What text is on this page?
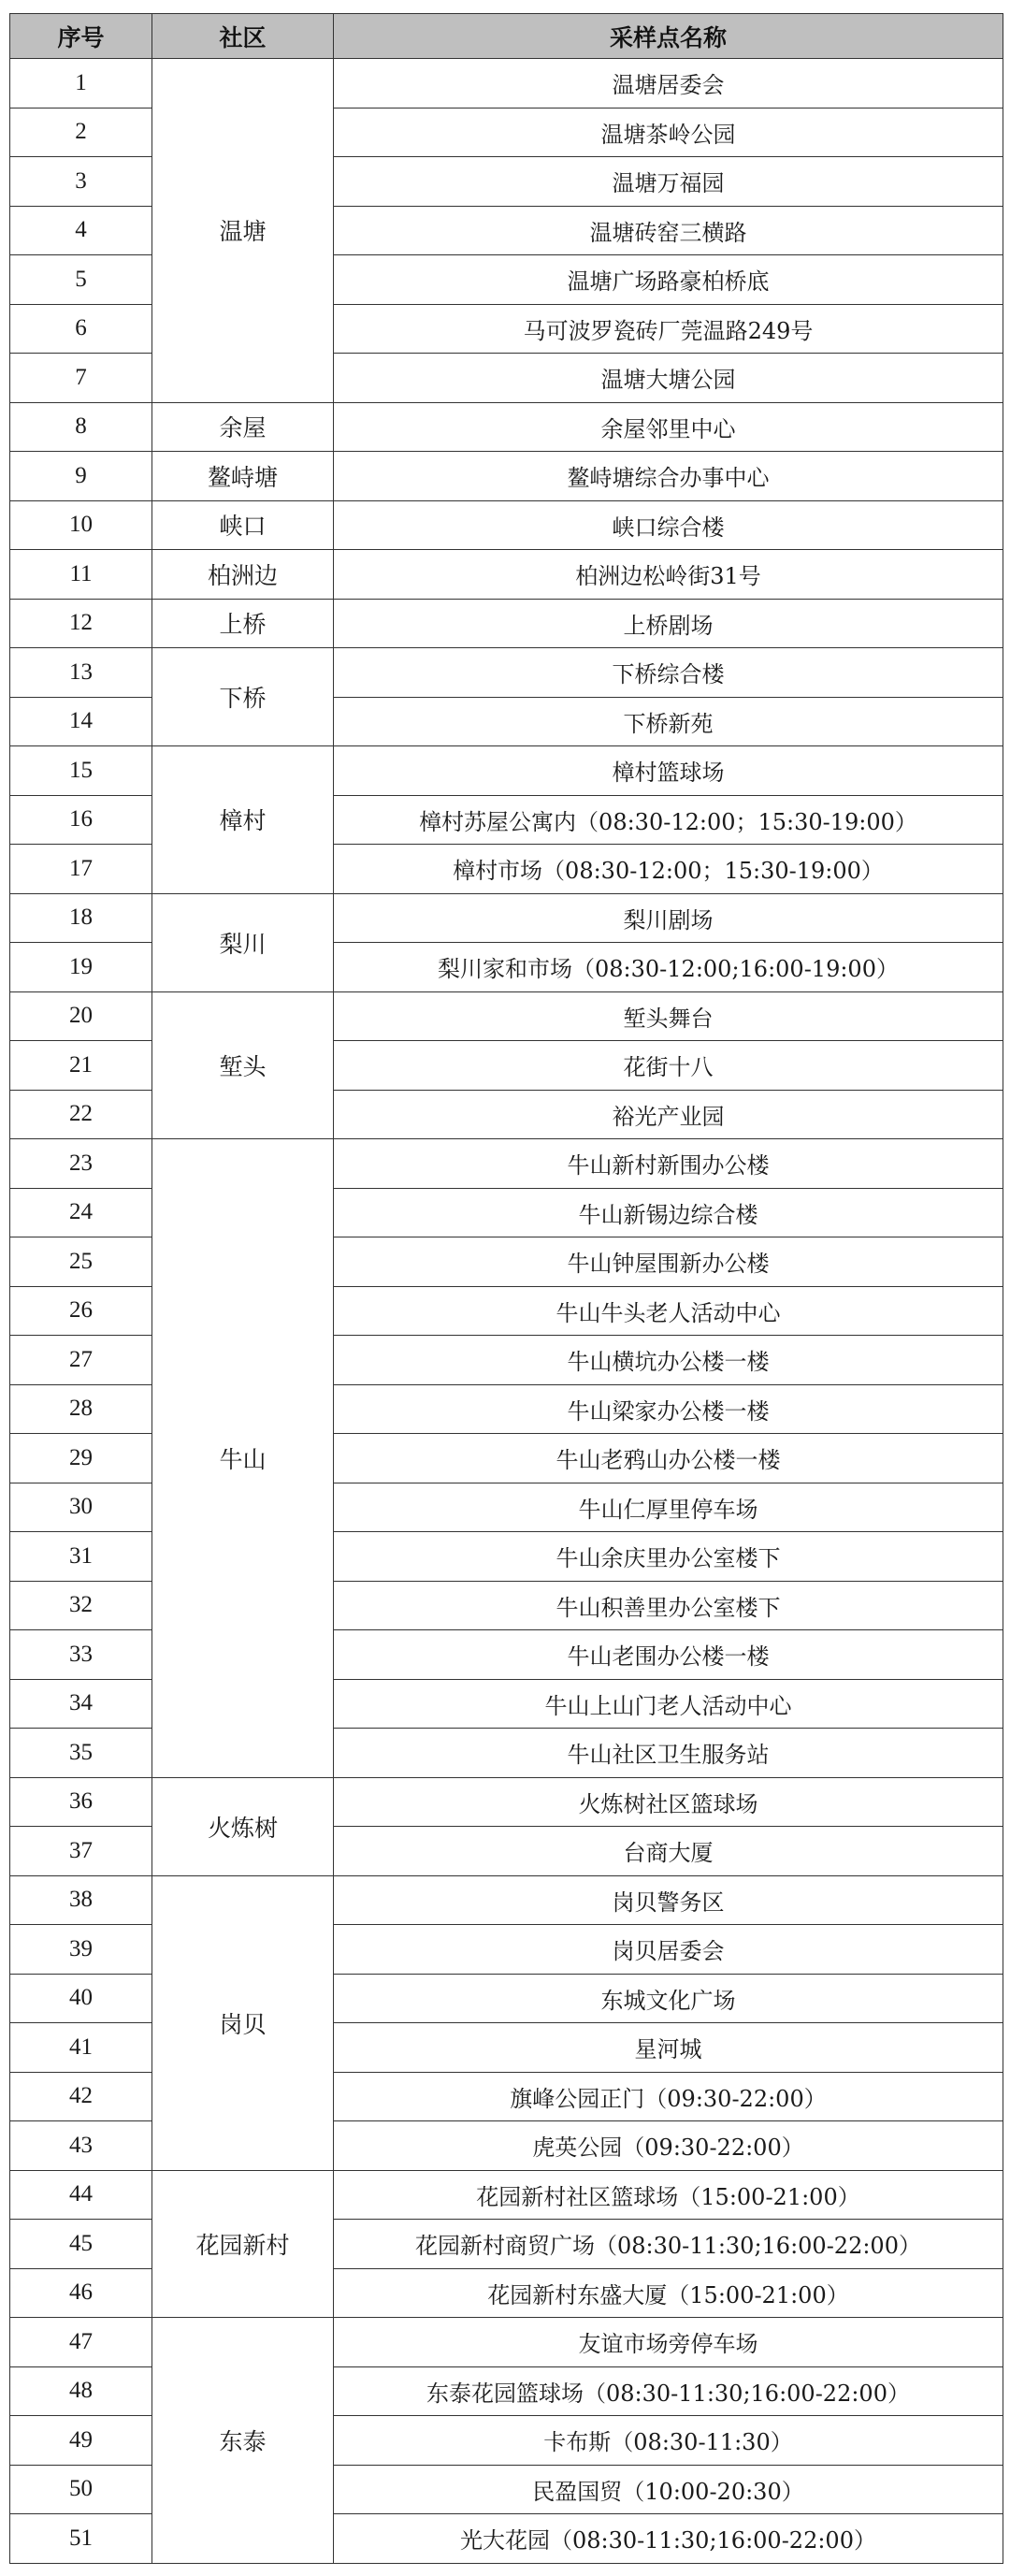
序号	社区	采样点名称
1	温塘	温塘居委会
2		温塘茶岭公园
3		温塘万福园
4		温塘砖窑三横路
5		温塘广场路豪柏桥底
6		马可波罗瓷砖厂莞温路249号
7		温塘大塘公园
8	余屋	余屋邻里中心
9	鳌峙塘	鳌峙塘综合办事中心
10	峡口	峡口综合楼
11	柏洲边	柏洲边松岭街31号
12	上桥	上桥剧场
13	下桥	下桥综合楼
14		下桥新苑
15	樟村	樟村篮球场
16		樟村苏屋公寓内（08:30-12:00；15:30-19:00）
17		樟村市场（08:30-12:00；15:30-19:00）
18	梨川	梨川剧场
19		梨川家和市场（08:30-12:00;16:00-19:00）
20	堑头	堑头舞台
21		花街十八
22		裕光产业园
23	牛山	牛山新村新围办公楼
24		牛山新锡边综合楼
25		牛山钟屋围新办公楼
26		牛山牛头老人活动中心
27		牛山横坑办公楼一楼
28		牛山梁家办公楼一楼
29		牛山老鸦山办公楼一楼
30		牛山仁厚里停车场
31		牛山余庆里办公室楼下
32		牛山积善里办公室楼下
33		牛山老围办公楼一楼
34		牛山上山门老人活动中心
35		牛山社区卫生服务站
36	火炼树	火炼树社区篮球场
37		台商大厦
38	岗贝	岗贝警务区
39		岗贝居委会
40		东城文化广场
41		星河城
42		旗峰公园正门（09:30-22:00）
43		虎英公园（09:30-22:00）
44	花园新村	花园新村社区篮球场（15:00-21:00）
45		花园新村商贸广场（08:30-11:30;16:00-22:00）
46		花园新村东盛大厦（15:00-21:00）
47	东泰	友谊市场旁停车场
48		东泰花园篮球场（08:30-11:30;16:00-22:00）
49		卡布斯（08:30-11:30）
50		民盈国贸（10:00-20:30）
51		光大花园（08:30-11:30;16:00-22:00）
